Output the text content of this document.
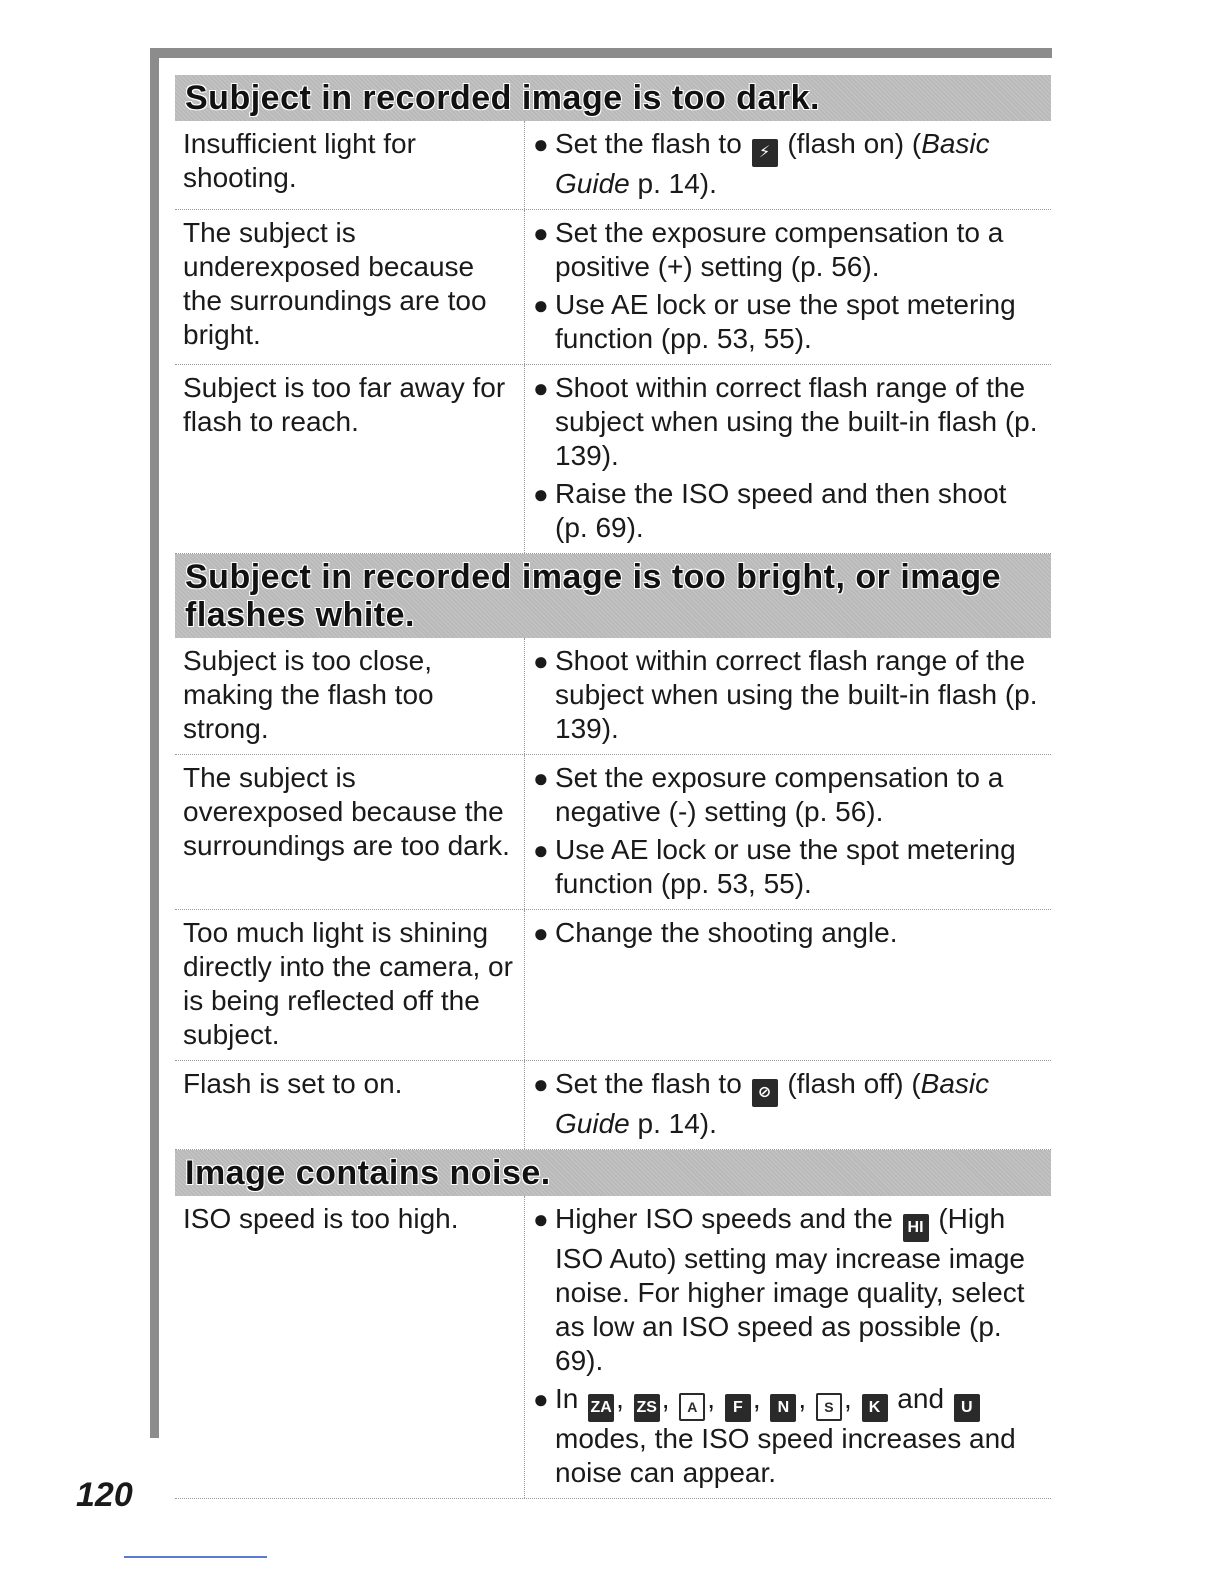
Subject in recorded image is too dark.
Insufficient light for shooting.
● Set the flash to ⚡ (flash on) (Basic Guide p. 14).
The subject is underexposed because the surroundings are too bright.
● Set the exposure compensation to a positive (+) setting (p. 56).
● Use AE lock or use the spot metering function (pp. 53, 55).
Subject is too far away for flash to reach.
● Shoot within correct flash range of the subject when using the built-in flash (p. 139).
● Raise the ISO speed and then shoot (p. 69).
Subject in recorded image is too bright, or image flashes white.
Subject is too close, making the flash too strong.
● Shoot within correct flash range of the subject when using the built-in flash (p. 139).
The subject is overexposed because the surroundings are too dark.
● Set the exposure compensation to a negative (-) setting (p. 56).
● Use AE lock or use the spot metering function (pp. 53, 55).
Too much light is shining directly into the camera, or is being reflected off the subject.
● Change the shooting angle.
Flash is set to on.	● Set the flash to ⊘ (flash off) (Basic Guide p. 14).
Image contains noise.
ISO speed is too high.	● Higher ISO speeds and the HI (High ISO Auto) setting may increase image noise. For higher image quality, select as low an ISO speed as possible (p. 69).
● In ZA , ZS , A , F , N , S , K and U modes, the ISO speed increases and noise can appear.
120
